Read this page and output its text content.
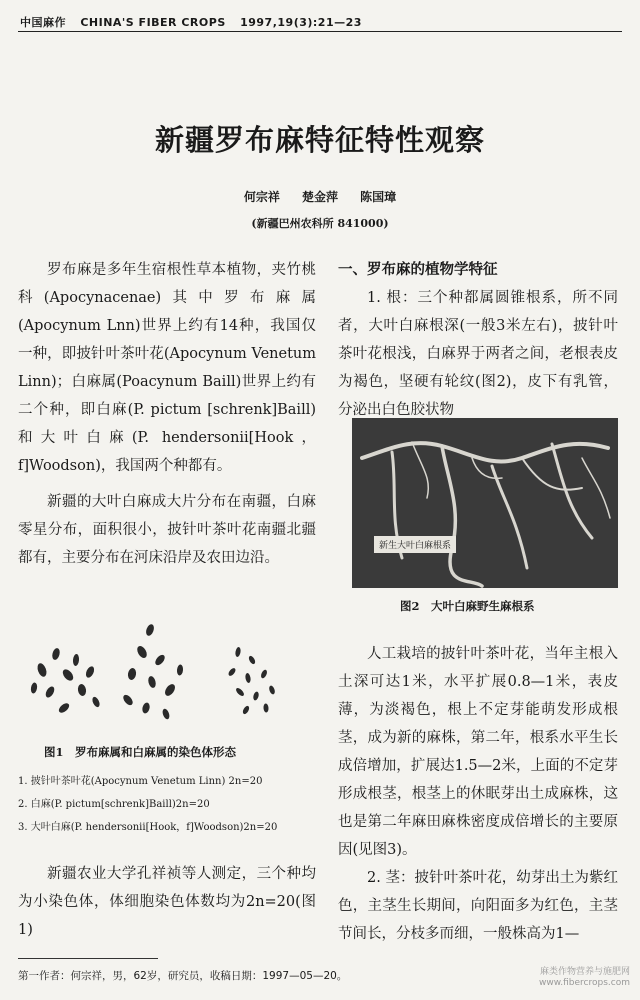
中国麻作 CHINA'S FIBER CROPS 1997,19(3):21—23
新疆罗布麻特征特性观察
何宗祥 楚金萍 陈国璋
(新疆巴州农科所 841000)

罗布麻是多年生宿根性草本植物，夹竹桃科(Apocynacenae)其中罗布麻属(Apocynum Lnn)世界上约有14种，我国仅一种，即披针叶茶叶花(Apocynum Venetum Linn)；白麻属(Poacynum Baill)世界上约有二个种，即白麻(P. pictum [schrenk]Baill)和大叶白麻(P. hendersonii[Hook，f]Woodson)，我国两个种都有。

新疆的大叶白麻成大片分布在南疆，白麻零星分布，面积很小，披针叶茶叶花南疆北疆都有，主要分布在河床沿岸及农田边沿。

图1　罗布麻属和白麻属的染色体形态
1. 披针叶茶叶花(Apocynum Venetum Linn) 2n=20
2. 白麻(P. pictum[schrenk]Baill)2n=20
3. 大叶白麻(P. hendersonii[Hook，f]Woodson)2n=20

新疆农业大学孔祥祯等人测定，三个种均为小染色体，体细胞染色体数均为2n=20(图1)

一、罗布麻的植物学特征

1. 根：三个种都属圆锥根系，所不同者，大叶白麻根深(一般3米左右)，披针叶茶叶花根浅，白麻界于两者之间，老根表皮为褐色，坚硬有轮纹(图2)，皮下有乳管，分泌出白色胶状物

新生大叶白麻根系
图2　大叶白麻野生麻根系

人工栽培的披针叶茶叶花，当年主根入土深可达1米，水平扩展0.8—1米，表皮薄，为淡褐色，根上不定芽能萌发形成根茎，成为新的麻株，第二年，根系水平生长成倍增加，扩展达1.5—2米，上面的不定芽形成根茎，根茎上的休眠芽出土成麻株，这也是第二年麻田麻株密度成倍增长的主要原因(见图3)。

2. 茎：披针叶茶叶花，幼芽出土为紫红色，主茎生长期间，向阳面多为红色，主茎节间长，分枝多而细，一般株高为1—

第一作者：何宗祥，男，62岁，研究员，收稿日期：1997—05—20。	麻类作物营养与施肥网
www.fibercrops.com
